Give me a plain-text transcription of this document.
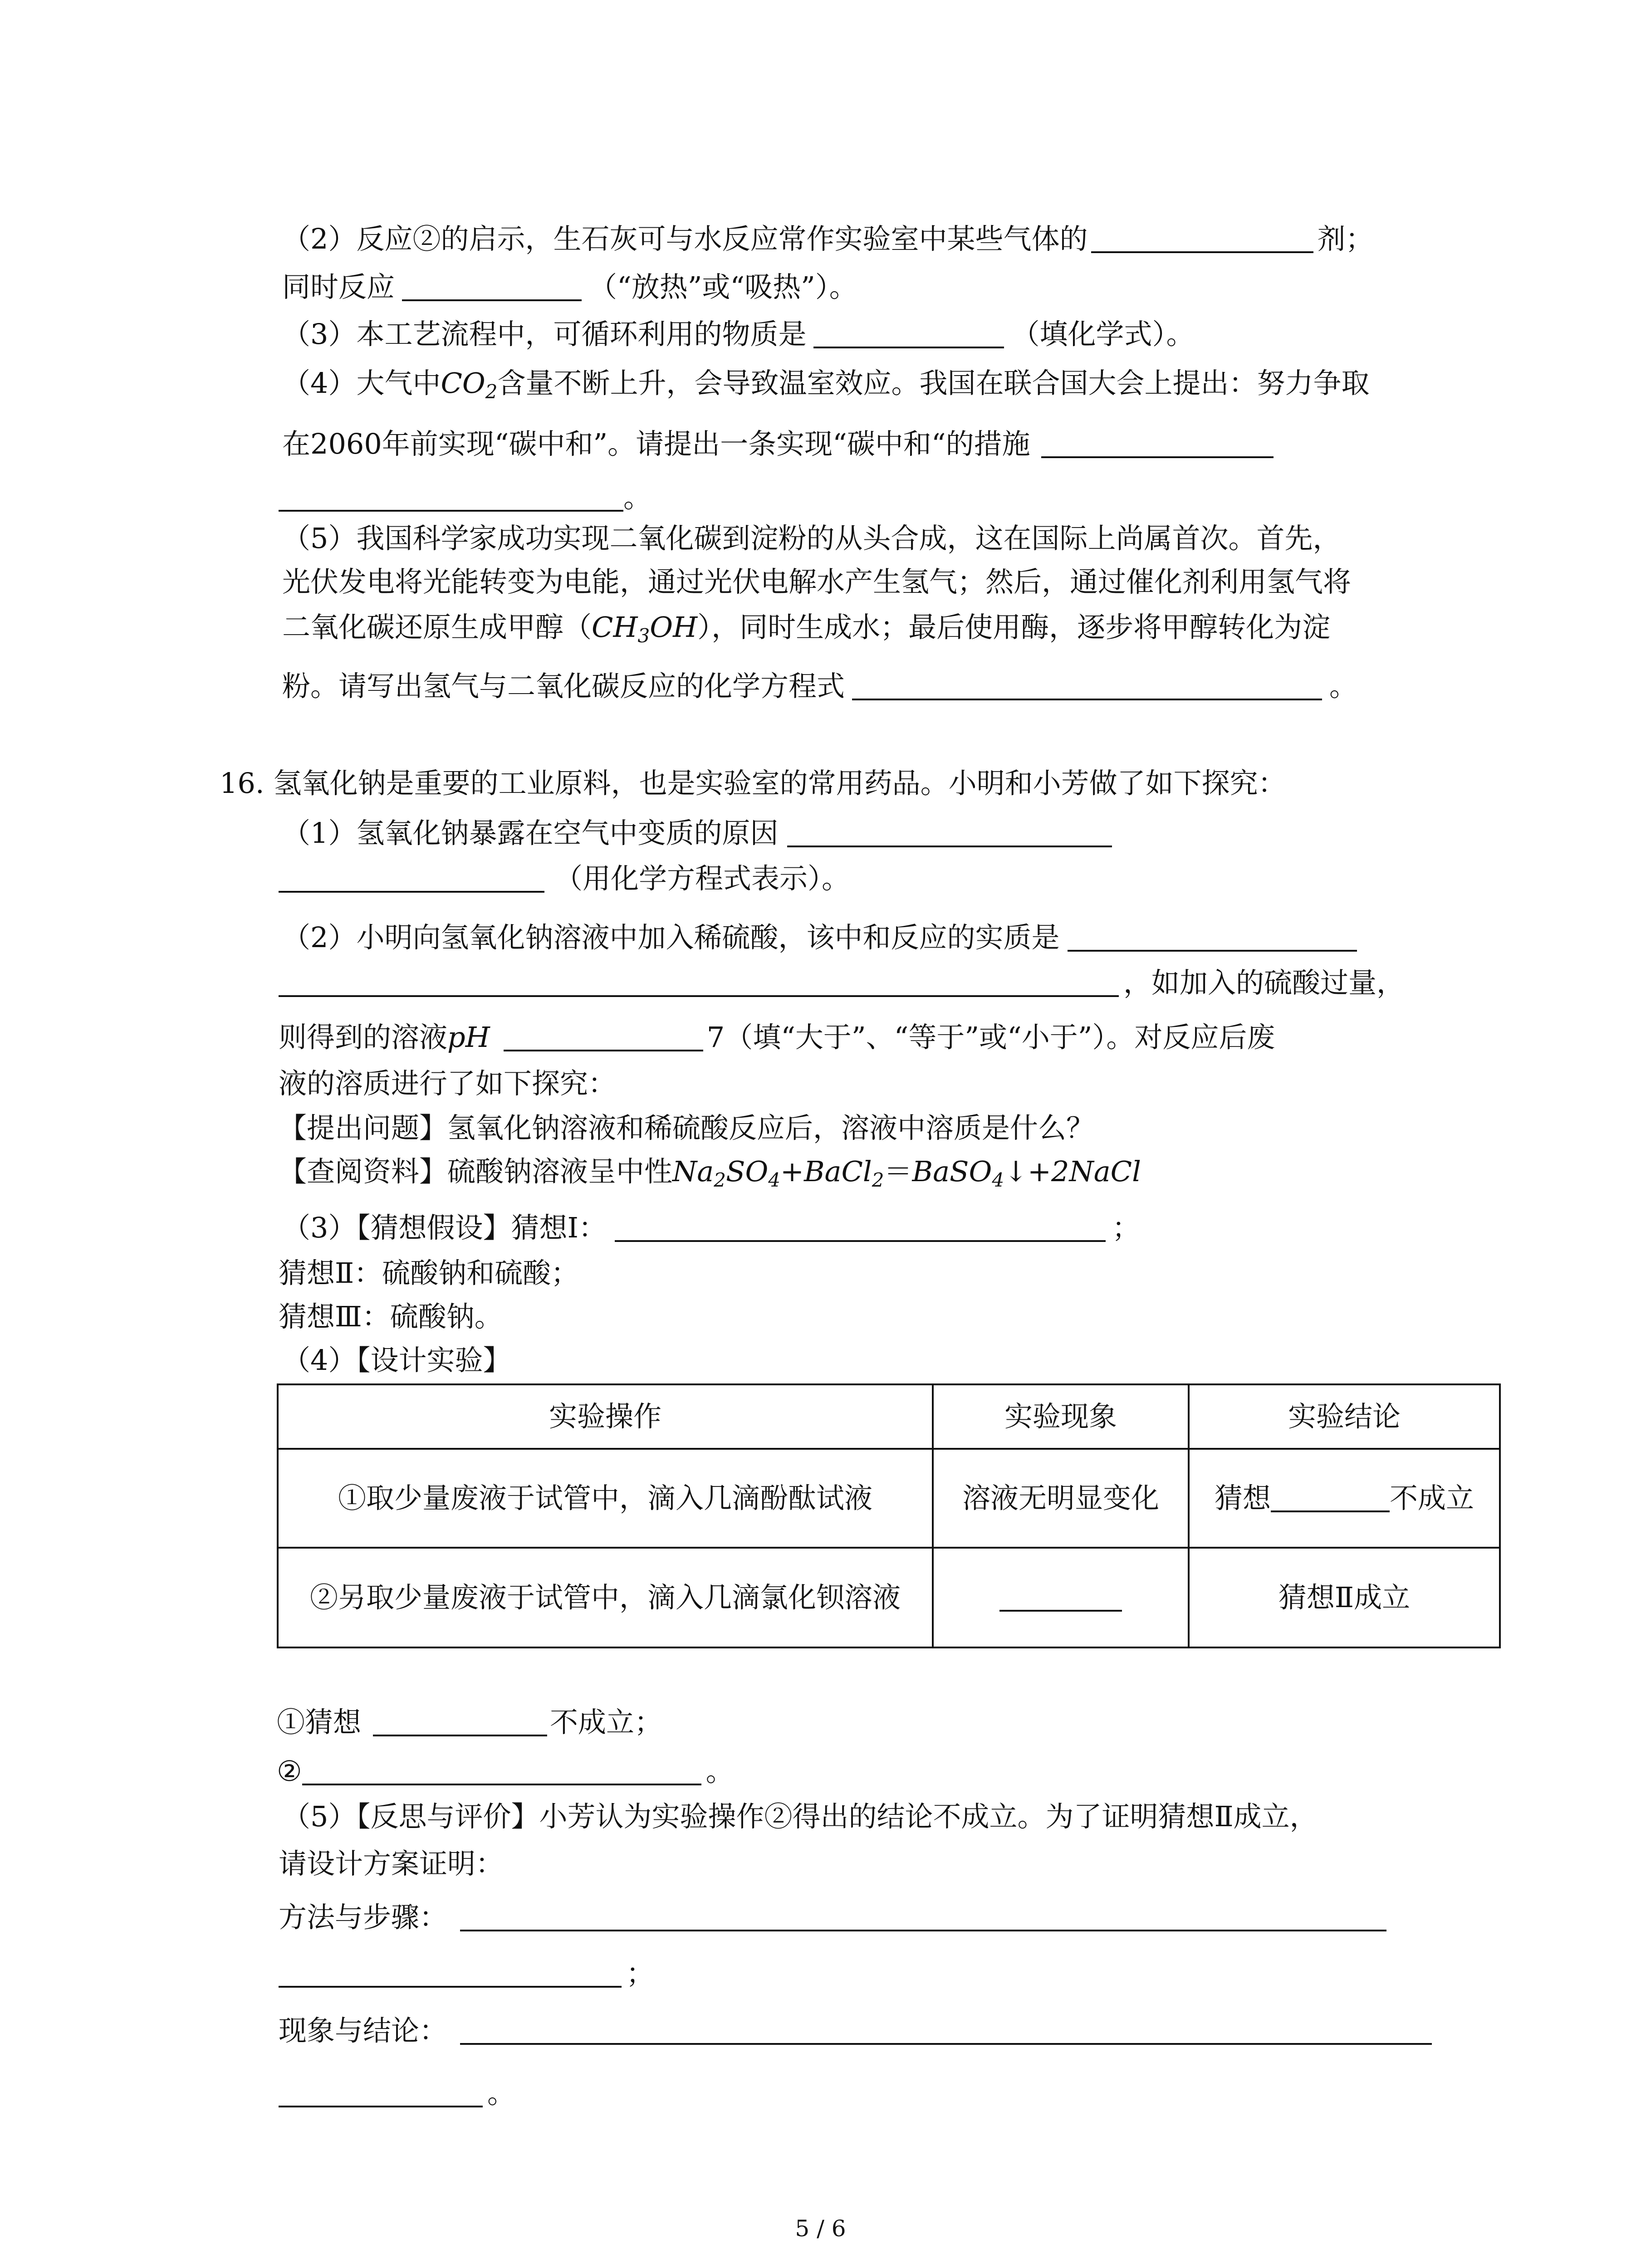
（2）反应②的启示，生石灰可与水反应常作实验室中某些气体的	剂；
同时反应	（“放热”或“吸热”）。
（3）本工艺流程中，可循环利用的物质是	（填化学式）。
（4）大气中$CO_2$含量不断上升，会导致温室效应。我国在联合国大会上提出：努力争取
在2060年前实现“碳中和”。请提出一条实现“碳中和“的措施
。
（5）我国科学家成功实现二氧化碳到淀粉的从头合成，这在国际上尚属首次。首先，
光伏发电将光能转变为电能，通过光伏电解水产生氢气；然后，通过催化剂利用氢气将
二氧化碳还原生成甲醇$(CH_3OH)$，同时生成水；最后使用酶，逐步将甲醇转化为淀
粉。请写出氢气与二氧化碳反应的化学方程式	。
16. 氢氧化钠是重要的工业原料，也是实验室的常用药品。小明和小芳做了如下探究：
（1）氢氧化钠暴露在空气中变质的原因
（用化学方程式表示）。
（2）小明向氢氧化钠溶液中加入稀硫酸，该中和反应的实质是
，如加入的硫酸过量，
则得到的溶液pH	7（填“大于”、“等于”或“小于”）。对反应后废
液的溶质进行了如下探究：
【提出问题】氢氧化钠溶液和稀硫酸反应后，溶液中溶质是什么？
【查阅资料】硫酸钠溶液呈中性$Na_2SO_4+BaCl_2=BaSO_4↓+2NaCl$
（3）【猜想假设】猜想Ⅰ：	；
猜想Ⅱ：硫酸钠和硫酸；
猜想Ⅲ：硫酸钠。
（4）【设计实验】
实验操作	实验现象	实验结论
①取少量废液于试管中，滴入几滴酚酞试液	溶液无明显变化	猜想 不成立
②另取少量废液于试管中，滴入几滴氯化钡溶液		猜想Ⅱ成立
①猜想	不成立；
②	。
（5）【反思与评价】小芳认为实验操作②得出的结论不成立。为了证明猜想Ⅱ成立，
请设计方案证明：
方法与步骤：
；
现象与结论：
。
5 / 6
